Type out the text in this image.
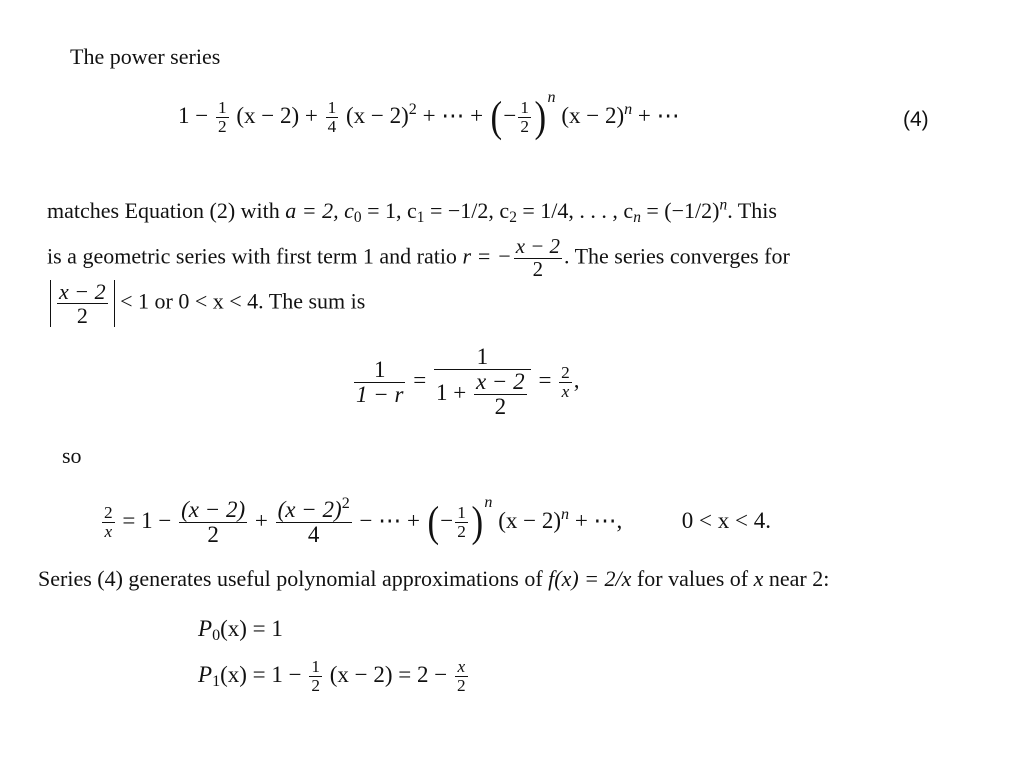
The power series
$1 - \frac{1}{2} (x - 2) + \frac{1}{4} (x - 2)^2$ + ⋯ + (− $\frac{1}{2} )^n$ $(x - 2)^n$ + ⋯	(4)
matches Equation (2) with a = 2, $c_0 = 1$, $c_1 = -1/2$, $c_2 = 1/4$, . . . , $c_n = (-1/2)^n$. This
is a geometric series with first term 1 and ratio r = − $\frac{x - 2}{2}$ . The series converges for
$\frac{x - 2}{2} < 1$ or 0 < x < 4. The sum is
$\frac{1}{1 - r} = \frac{1}{1 + \frac{x - 2}{2}} = \frac{2}{x}$ ,
so
$\frac{2}{x} = 1 - \frac{(x - 2)}{2} + \frac{(x - 2)^2}{4}$ − ⋯ + (− $\frac{1}{2} )^n$ $(x - 2)^n$ + ⋯,	0 < x < 4.
Series (4) generates useful polynomial approximations of f(x) = 2/x for values of x near 2:
$P_0(x) = 1$
$P_1(x) = 1 - \frac{1}{2} (x - 2) = 2 - \frac{x}{2}$
